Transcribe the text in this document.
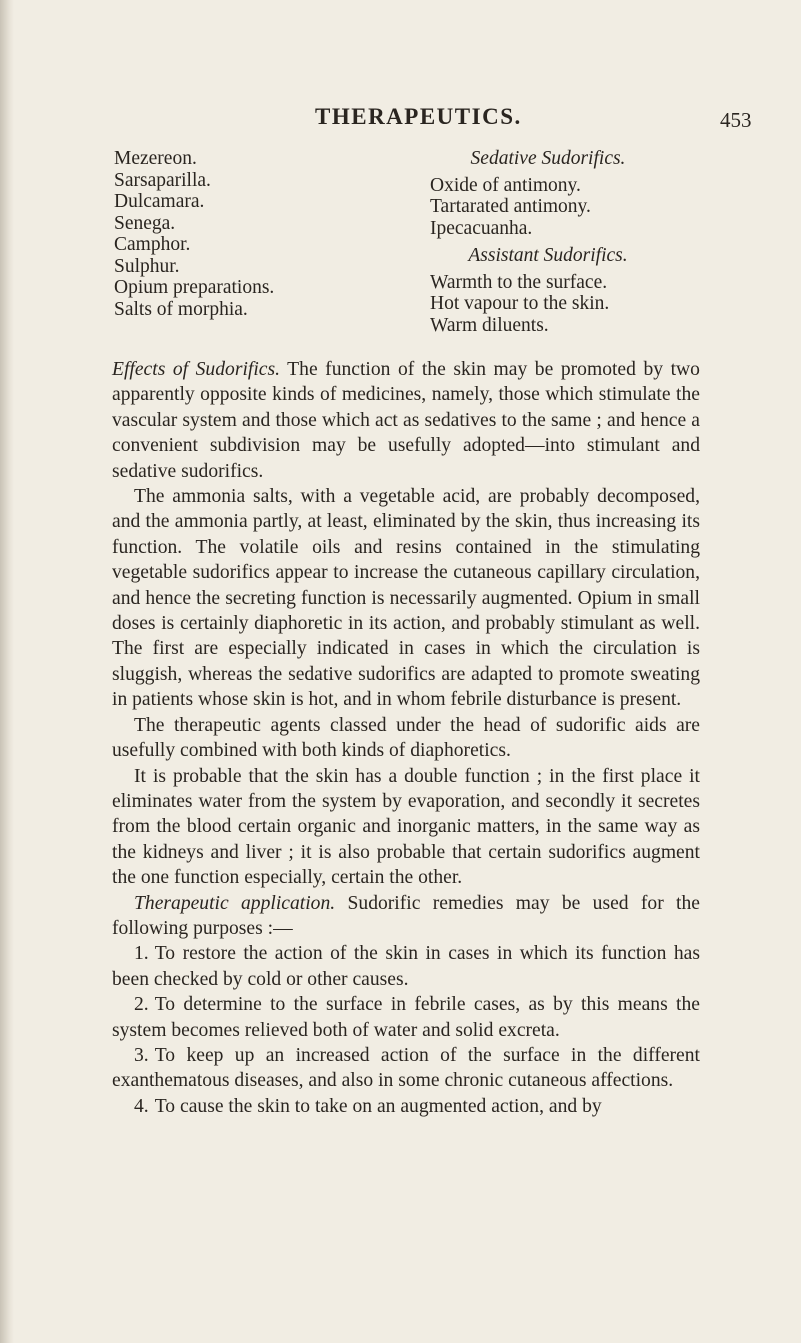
THERAPEUTICS.	453
Mezereon.
Sarsaparilla.
Dulcamara.
Senega.
Camphor.
Sulphur.
Opium preparations.
Salts of morphia.
Sedative Sudorifics.
Oxide of antimony.
Tartarated antimony.
Ipecacuanha.
Assistant Sudorifics.
Warmth to the surface.
Hot vapour to the skin.
Warm diluents.

Effects of Sudorifics. The function of the skin may be promoted by two apparently opposite kinds of medicines, namely, those which stimulate the vascular system and those which act as sedatives to the same ; and hence a convenient subdivision may be usefully adopted—into stimulant and sedative sudorifics.

The ammonia salts, with a vegetable acid, are probably decomposed, and the ammonia partly, at least, eliminated by the skin, thus increasing its function. The volatile oils and resins contained in the stimulating vegetable sudorifics appear to increase the cutaneous capillary circulation, and hence the secreting function is necessarily augmented. Opium in small doses is certainly diaphoretic in its action, and probably stimulant as well. The first are especially indicated in cases in which the circulation is sluggish, whereas the sedative sudorifics are adapted to promote sweating in patients whose skin is hot, and in whom febrile disturbance is present.

The therapeutic agents classed under the head of sudorific aids are usefully combined with both kinds of diaphoretics.

It is probable that the skin has a double function ; in the first place it eliminates water from the system by evaporation, and secondly it secretes from the blood certain organic and inorganic matters, in the same way as the kidneys and liver ; it is also probable that certain sudorifics augment the one function especially, certain the other.

Therapeutic application. Sudorific remedies may be used for the following purposes :—

1. To restore the action of the skin in cases in which its function has been checked by cold or other causes.

2. To determine to the surface in febrile cases, as by this means the system becomes relieved both of water and solid excreta.

3. To keep up an increased action of the surface in the different exanthematous diseases, and also in some chronic cutaneous affections.

4. To cause the skin to take on an augmented action, and by
